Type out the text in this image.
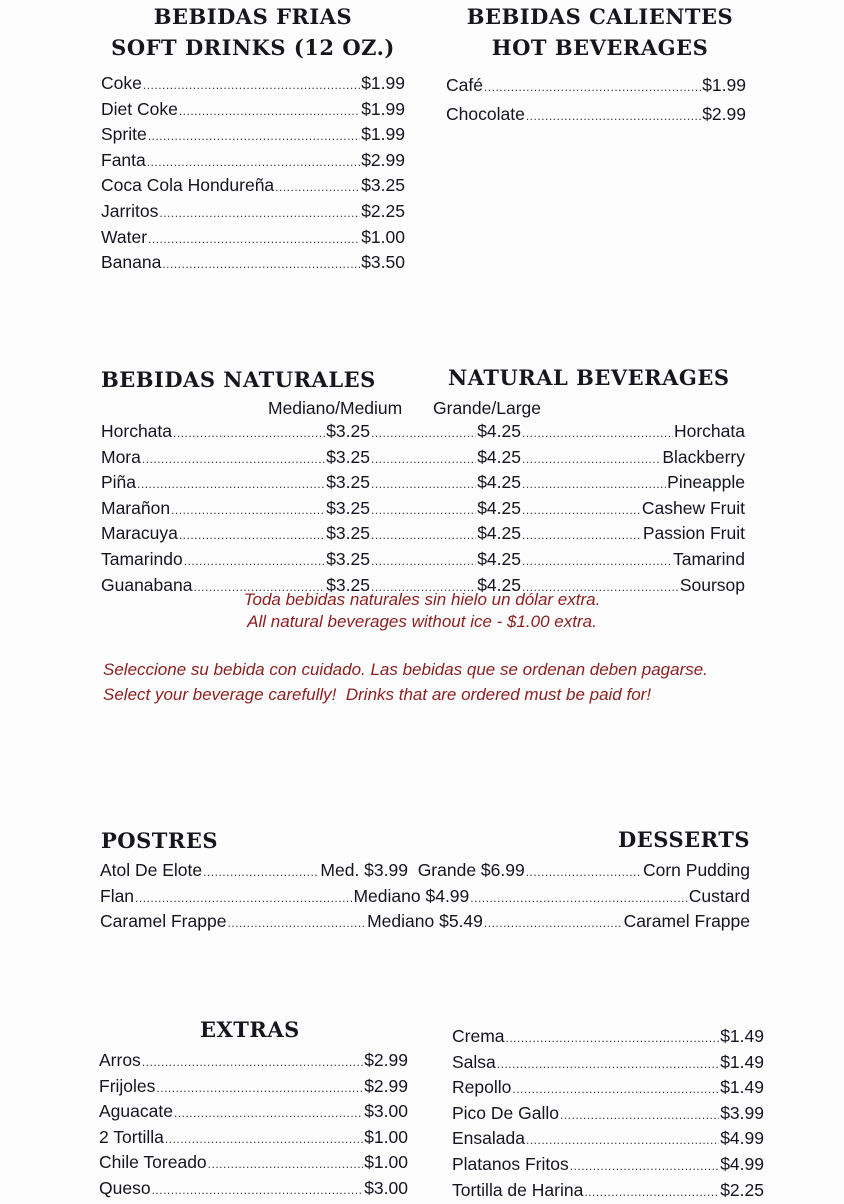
BEBIDAS FRIAS
SOFT DRINKS (12 OZ.)
Coke .....	$1.99
Diet Coke .....	$1.99
Sprite .....	$1.99
Fanta .....	$2.99
Coca Cola Hondureña .....	$3.25
Jarritos .....	$2.25
Water .....	$1.00
Banana .....	$3.50
BEBIDAS CALIENTES
HOT BEVERAGES
Café .....	$1.99
Chocolate .....	$2.99
BEBIDAS NATURALES	NATURAL BEVERAGES
Mediano/Medium Grande/Large
Horchata .....	$3.25 .....	$4.25 .....	Horchata
Mora .....	$3.25 .....	$4.25 .....	Blackberry
Piña .....	$3.25 .....	$4.25 .....	Pineapple
Marañon .....	$3.25 .....	$4.25 .....	Cashew Fruit
Maracuya .....	$3.25 .....	$4.25 .....	Passion Fruit
Tamarindo .....	$3.25 .....	$4.25 .....	Tamarind
Guanabana .....	$3.25 .....	$4.25 .....	Soursop
Toda bebidas naturales sin hielo un dólar extra.
All natural beverages without ice - $1.00 extra.
Seleccione su bebida con cuidado. Las bebidas que se ordenan deben pagarse.
Select your beverage carefully!  Drinks that are ordered must be paid for!
POSTRES	DESSERTS
Atol De Elote .....	Med. $3.99  Grande $6.99 .....	Corn Pudding
Flan .....	Mediano $4.99 .....	Custard
Caramel Frappe .....	Mediano $5.49 .....	Caramel Frappe
EXTRAS
Arros .....	$2.99
Frijoles .....	$2.99
Aguacate .....	$3.00
2 Tortilla .....	$1.00
Chile Toreado .....	$1.00
Queso .....	$3.00
Crema .....	$1.49
Salsa .....	$1.49
Repollo .....	$1.49
Pico De Gallo .....	$3.99
Ensalada .....	$4.99
Platanos Fritos .....	$4.99
Tortilla de Harina .....	$2.25
